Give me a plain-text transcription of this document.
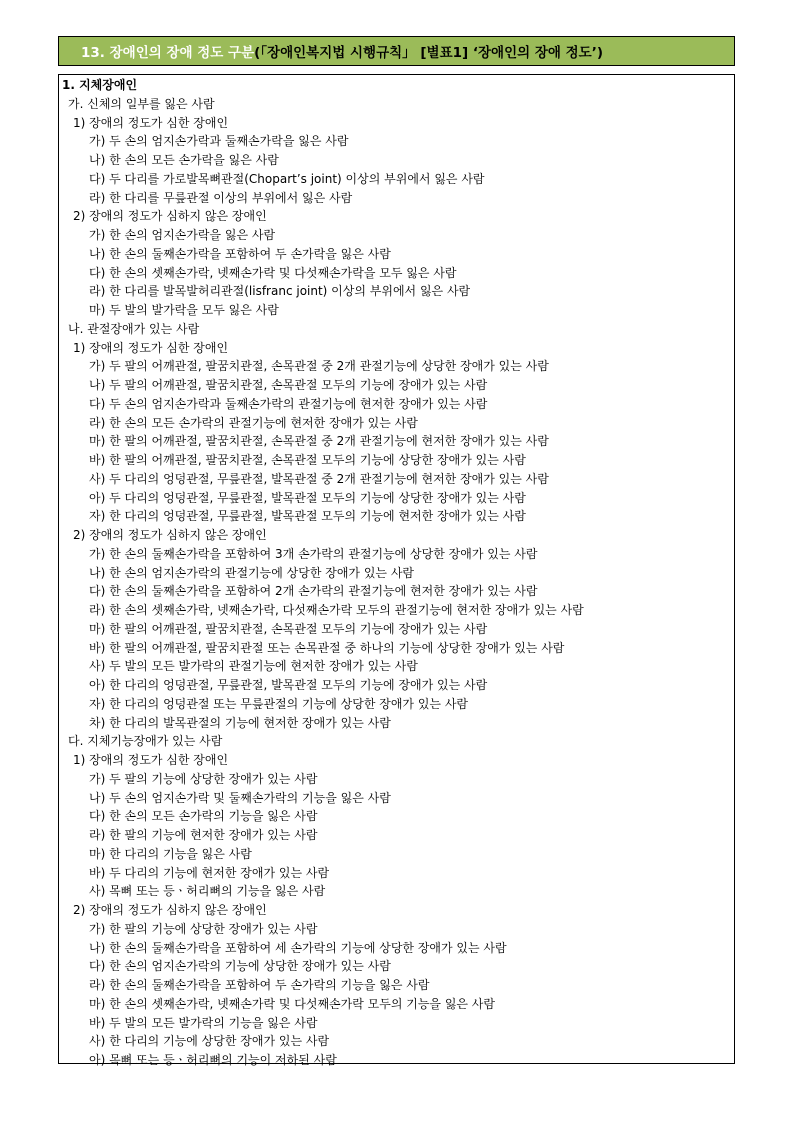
13. 장애인의 장애 정도 구분 (「장애인복지법 시행규칙」 [별표1] ‘장애인의 장애 정도’)
1. 지체장애인
가. 신체의 일부를 잃은 사람
1) 장애의 정도가 심한 장애인
가) 두 손의 엄지손가락과 둘째손가락을 잃은 사람
나) 한 손의 모든 손가락을 잃은 사람
다) 두 다리를 가로발목뼈관절(Chopart’s joint) 이상의 부위에서 잃은 사람
라) 한 다리를 무릎관절 이상의 부위에서 잃은 사람
2) 장애의 정도가 심하지 않은 장애인
가) 한 손의 엄지손가락을 잃은 사람
나) 한 손의 둘째손가락을 포함하여 두 손가락을 잃은 사람
다) 한 손의 셋째손가락, 넷째손가락 및 다섯째손가락을 모두 잃은 사람
라) 한 다리를 발목발허리관절(lisfranc joint) 이상의 부위에서 잃은 사람
마) 두 발의 발가락을 모두 잃은 사람
나. 관절장애가 있는 사람
1) 장애의 정도가 심한 장애인
가) 두 팔의 어깨관절, 팔꿈치관절, 손목관절 중 2개 관절기능에 상당한 장애가 있는 사람
나) 두 팔의 어깨관절, 팔꿈치관절, 손목관절 모두의 기능에 장애가 있는 사람
다) 두 손의 엄지손가락과 둘째손가락의 관절기능에 현저한 장애가 있는 사람
라) 한 손의 모든 손가락의 관절기능에 현저한 장애가 있는 사람
마) 한 팔의 어깨관절, 팔꿈치관절, 손목관절 중 2개 관절기능에 현저한 장애가 있는 사람
바) 한 팔의 어깨관절, 팔꿈치관절, 손목관절 모두의 기능에 상당한 장애가 있는 사람
사) 두 다리의 엉덩관절, 무릎관절, 발목관절 중 2개 관절기능에 현저한 장애가 있는 사람
아) 두 다리의 엉덩관절, 무릎관절, 발목관절 모두의 기능에 상당한 장애가 있는 사람
자) 한 다리의 엉덩관절, 무릎관절, 발목관절 모두의 기능에 현저한 장애가 있는 사람
2) 장애의 정도가 심하지 않은 장애인
가) 한 손의 둘째손가락을 포함하여 3개 손가락의 관절기능에 상당한 장애가 있는 사람
나) 한 손의 엄지손가락의 관절기능에 상당한 장애가 있는 사람
다) 한 손의 둘째손가락을 포함하여 2개 손가락의 관절기능에 현저한 장애가 있는 사람
라) 한 손의 셋째손가락, 넷째손가락, 다섯째손가락 모두의 관절기능에 현저한 장애가 있는 사람
마) 한 팔의 어깨관절, 팔꿈치관절, 손목관절 모두의 기능에 장애가 있는 사람
바) 한 팔의 어깨관절, 팔꿈치관절 또는 손목관절 중 하나의 기능에 상당한 장애가 있는 사람
사) 두 발의 모든 발가락의 관절기능에 현저한 장애가 있는 사람
아) 한 다리의 엉덩관절, 무릎관절, 발목관절 모두의 기능에 장애가 있는 사람
자) 한 다리의 엉덩관절 또는 무릎관절의 기능에 상당한 장애가 있는 사람
차) 한 다리의 발목관절의 기능에 현저한 장애가 있는 사람
다. 지체기능장애가 있는 사람
1) 장애의 정도가 심한 장애인
가) 두 팔의 기능에 상당한 장애가 있는 사람
나) 두 손의 엄지손가락 및 둘째손가락의 기능을 잃은 사람
다) 한 손의 모든 손가락의 기능을 잃은 사람
라) 한 팔의 기능에 현저한 장애가 있는 사람
마) 한 다리의 기능을 잃은 사람
바) 두 다리의 기능에 현저한 장애가 있는 사람
사) 목뼈 또는 등ㆍ허리뼈의 기능을 잃은 사람
2) 장애의 정도가 심하지 않은 장애인
가) 한 팔의 기능에 상당한 장애가 있는 사람
나) 한 손의 둘째손가락을 포함하여 세 손가락의 기능에 상당한 장애가 있는 사람
다) 한 손의 엄지손가락의 기능에 상당한 장애가 있는 사람
라) 한 손의 둘째손가락을 포함하여 두 손가락의 기능을 잃은 사람
마) 한 손의 셋째손가락, 넷째손가락 및 다섯째손가락 모두의 기능을 잃은 사람
바) 두 발의 모든 발가락의 기능을 잃은 사람
사) 한 다리의 기능에 상당한 장애가 있는 사람
아) 목뼈 또는 등ㆍ허리뼈의 기능이 저하된 사람
